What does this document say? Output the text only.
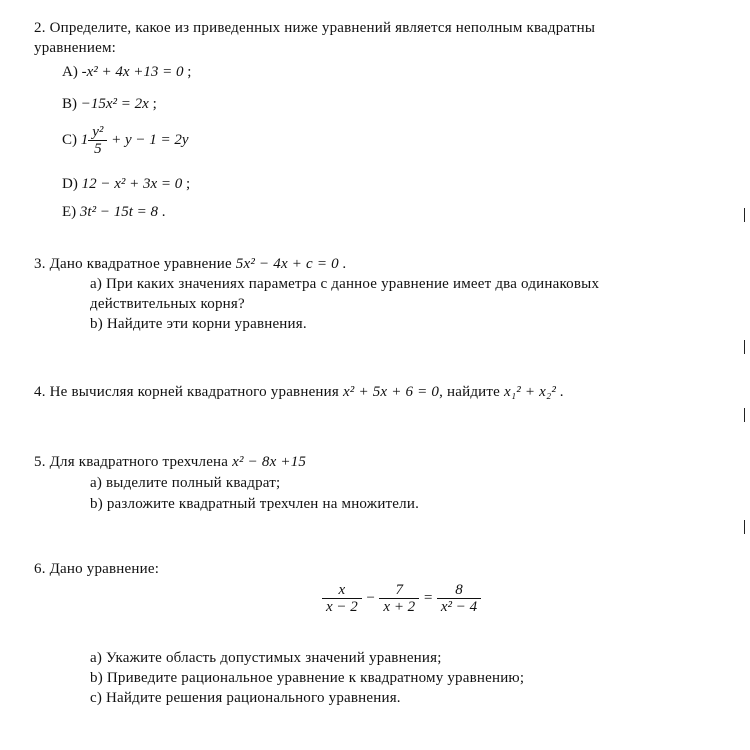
2. Определите, какое из приведенных ниже уравнений является неполным квадратны
уравнением:
A) -x² + 4x +13 = 0 ;
B) −15x² = 2x ;
C) $1 \frac{\text{y²}}{5} + y - 1 = 2y$
D) 12 − x² + 3x = 0 ;
E) 3t² − 15t = 8 .
3. Дано квадратное уравнение 5x² − 4x + c = 0 .
a) При каких значениях параметра c данное уравнение имеет два одинаковых
действительных корня?
b) Найдите эти корни уравнения.
4. Не вычисляя корней квадратного уравнения x² + 5x + 6 = 0, найдите x₁² + x₂² .
5. Для квадратного трехчлена x² − 8x +15
a) выделите полный квадрат;
b) разложите квадратный трехчлен на множители.
6. Дано уравнение:
$\frac{x}{x - 2} - \frac{7}{x + 2} = \frac{8}{\text{x² − 4}}$
a) Укажите область допустимых значений уравнения;
b) Приведите рациональное уравнение к квадратному уравнению;
c) Найдите решения рационального уравнения.
